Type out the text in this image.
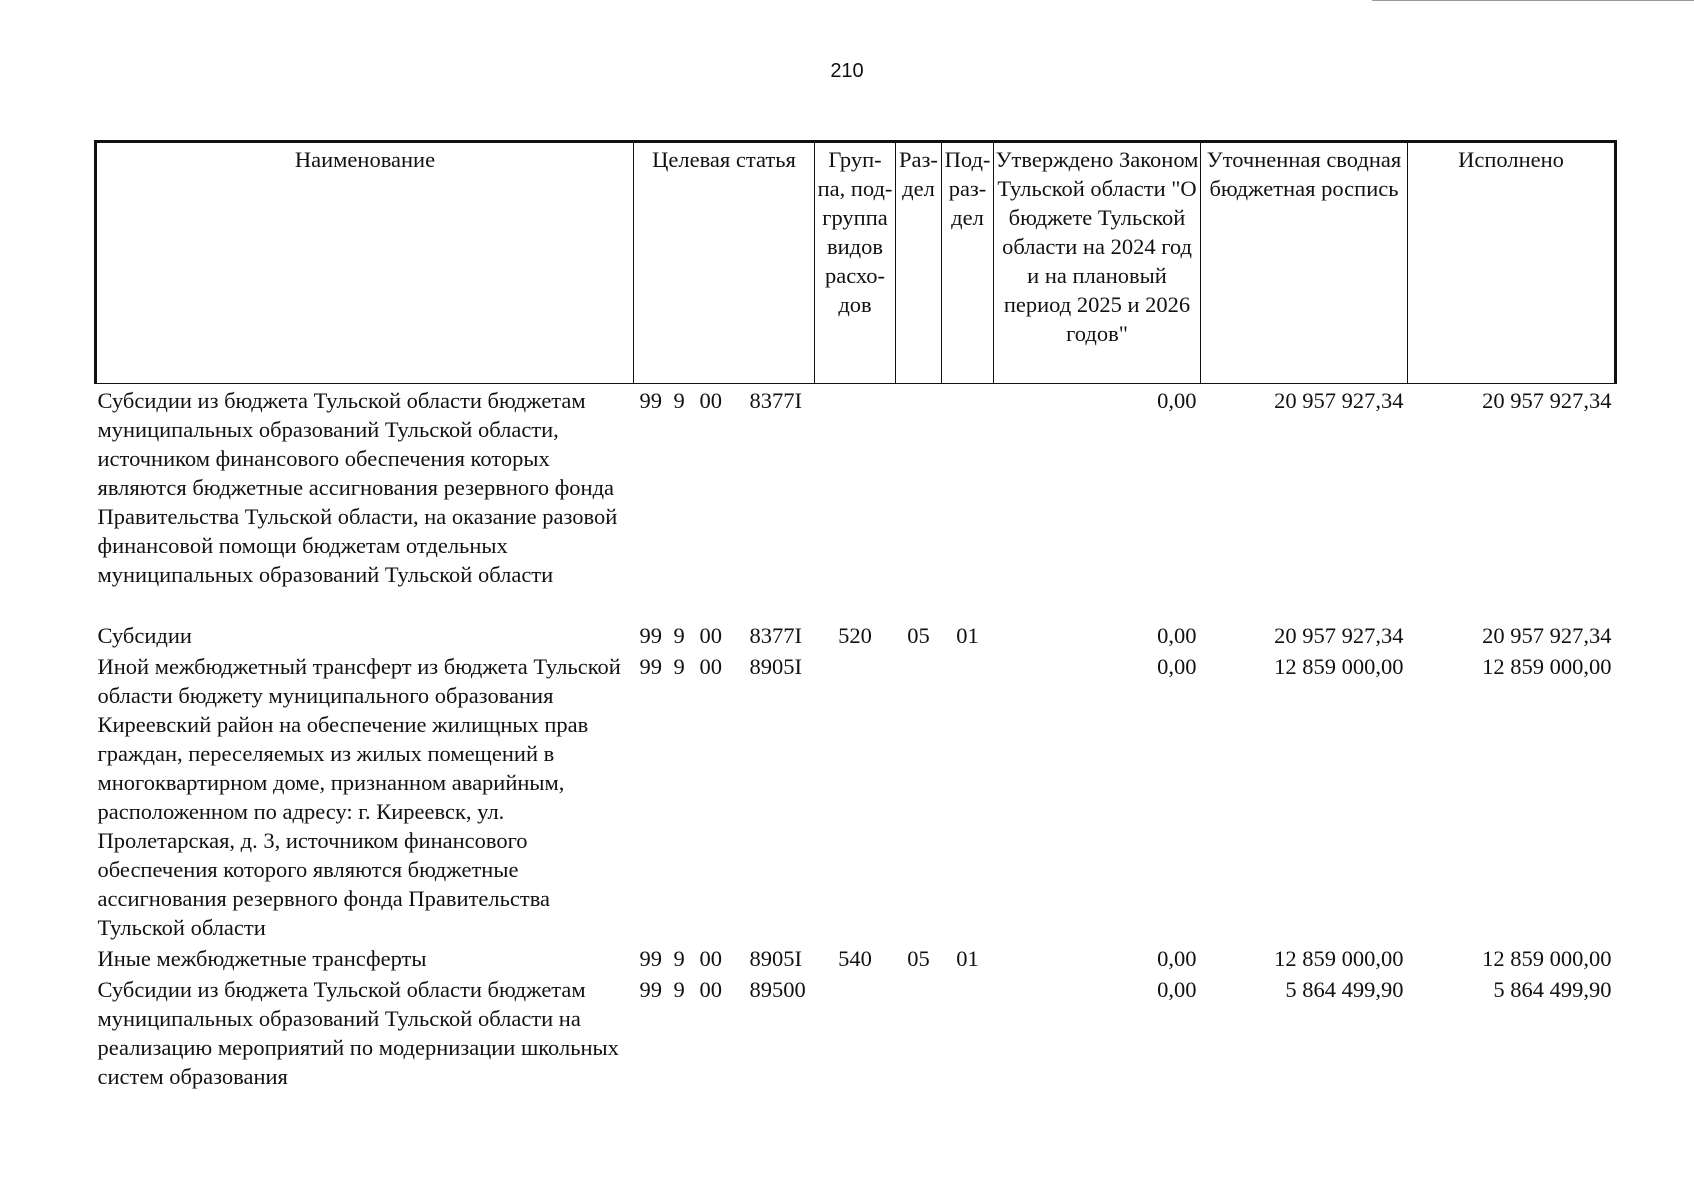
210
Наименование	Целевая статья	Груп-па, под-группа видов расхо-дов	Раз-дел	Под-раз-дел	Утверждено Законом Тульской области "О бюджете Тульской области на 2024 год и на плановый период 2025 и 2026 годов"	Уточненная сводная бюджетная роспись	Исполнено
Субсидии из бюджета Тульской области бюджетам муниципальных образований Тульской области, источником финансового обеспечения которых являются бюджетные ассигнования резервного фонда Правительства Тульской области, на оказание разовой финансовой помощи бюджетам отдельных муниципальных образований Тульской области	99 9 00 8377I				0,00	20 957 927,34	20 957 927,34
Субсидии	99 9 00 8377I	520	05	01	0,00	20 957 927,34	20 957 927,34
Иной межбюджетный трансферт из бюджета Тульской области бюджету муниципального образования Киреевский район на обеспечение жилищных прав граждан, переселяемых из жилых помещений в многоквартирном доме, признанном аварийным, расположенном по адресу: г. Киреевск, ул. Пролетарская, д. 3, источником финансового обеспечения которого являются бюджетные ассигнования резервного фонда Правительства Тульской области	99 9 00 8905I				0,00	12 859 000,00	12 859 000,00
Иные межбюджетные трансферты	99 9 00 8905I	540	05	01	0,00	12 859 000,00	12 859 000,00
Субсидии из бюджета Тульской области бюджетам муниципальных образований Тульской области на реализацию мероприятий по модернизации школьных систем образования	99 9 00 89500				0,00	5 864 499,90	5 864 499,90
